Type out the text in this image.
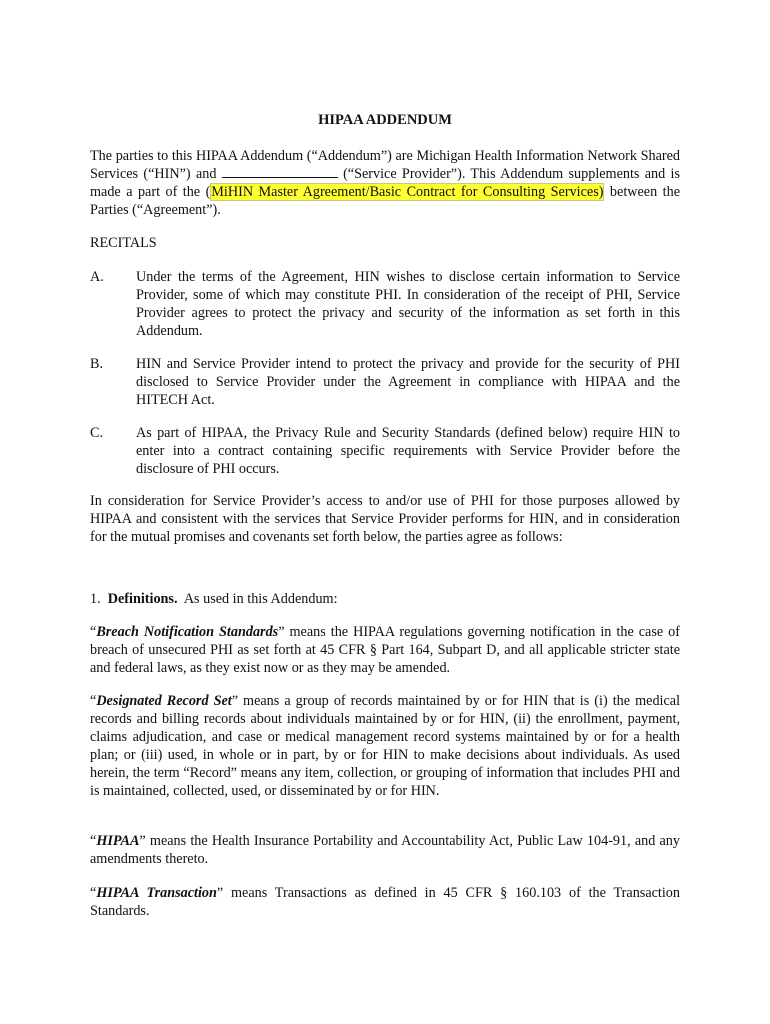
HIPAA ADDENDUM
The parties to this HIPAA Addendum (“Addendum”) are Michigan Health Information Network Shared Services (“HIN”) and	(“Service Provider”). This Addendum supplements and is made a part of the (MiHIN Master Agreement/Basic Contract for Consulting Services) between the Parties (“Agreement”).
RECITALS
A. Under the terms of the Agreement, HIN wishes to disclose certain information to Service Provider, some of which may constitute PHI. In consideration of the receipt of PHI, Service Provider agrees to protect the privacy and security of the information as set forth in this Addendum.
B. HIN and Service Provider intend to protect the privacy and provide for the security of PHI disclosed to Service Provider under the Agreement in compliance with HIPAA and the HITECH Act.
C. As part of HIPAA, the Privacy Rule and Security Standards (defined below) require HIN to enter into a contract containing specific requirements with Service Provider before the disclosure of PHI occurs.
In consideration for Service Provider’s access to and/or use of PHI for those purposes allowed by HIPAA and consistent with the services that Service Provider performs for HIN, and in consideration for the mutual promises and covenants set forth below, the parties agree as follows:
1. Definitions. As used in this Addendum:
“Breach Notification Standards” means the HIPAA regulations governing notification in the case of breach of unsecured PHI as set forth at 45 CFR § Part 164, Subpart D, and all applicable stricter state and federal laws, as they exist now or as they may be amended.
“Designated Record Set” means a group of records maintained by or for HIN that is (i) the medical records and billing records about individuals maintained by or for HIN, (ii) the enrollment, payment, claims adjudication, and case or medical management record systems maintained by or for a health plan; or (iii) used, in whole or in part, by or for HIN to make decisions about individuals. As used herein, the term “Record” means any item, collection, or grouping of information that includes PHI and is maintained, collected, used, or disseminated by or for HIN.
“HIPAA” means the Health Insurance Portability and Accountability Act, Public Law 104-91, and any amendments thereto.
“HIPAA Transaction” means Transactions as defined in 45 CFR § 160.103 of the Transaction Standards.
